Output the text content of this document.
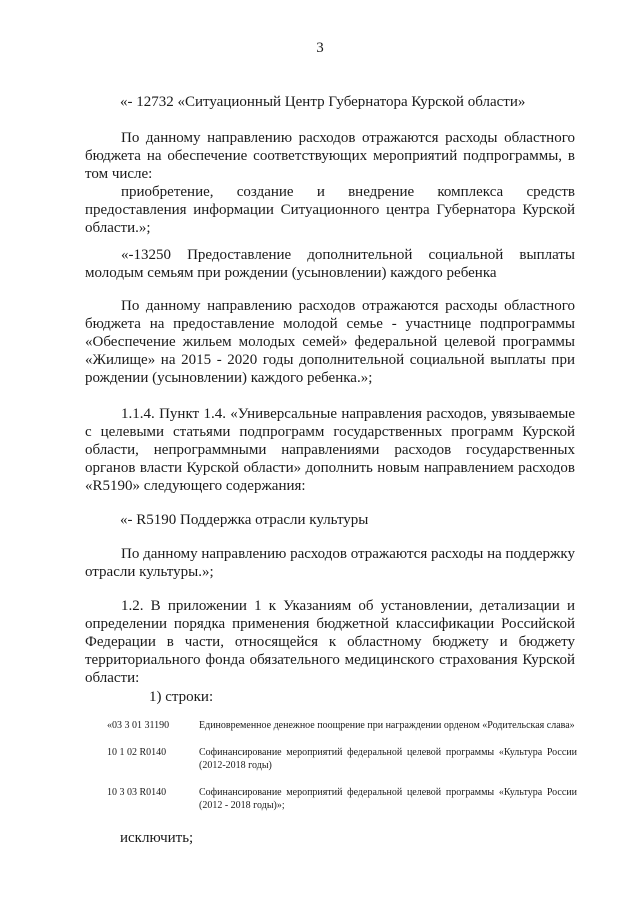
3
«- 12732 «Ситуационный Центр Губернатора Курской области»

По данному направлению расходов отражаются расходы областного бюджета на обеспечение соответствующих мероприятий подпрограммы, в том числе:

приобретение, создание и внедрение комплекса средств предоставления информации Ситуационного центра Губернатора Курской области.»;

«-13250 Предоставление дополнительной социальной выплаты молодым семьям при рождении (усыновлении) каждого ребенка

По данному направлению расходов отражаются расходы областного бюджета на предоставление молодой семье - участнице подпрограммы «Обеспечение жильем молодых семей» федеральной целевой программы «Жилище» на 2015 - 2020 годы дополнительной социальной выплаты при рождении (усыновлении) каждого ребенка.»;

1.1.4. Пункт 1.4. «Универсальные направления расходов, увязываемые с целевыми статьями подпрограмм государственных программ Курской области, непрограммными направлениями расходов государственных органов власти Курской области» дополнить новым направлением расходов «R5190» следующего содержания:

«- R5190 Поддержка отрасли культуры

По данному направлению расходов отражаются расходы на поддержку отрасли культуры.»;

1.2. В приложении 1 к Указаниям об установлении, детализации и определении порядка применения бюджетной классификации Российской Федерации в части, относящейся к областному бюджету и бюджету территориального фонда обязательного медицинского страхования Курской области:

1) строки:
«03 3 01 31190	Единовременное денежное поощрение при награждении орденом «Родительская слава»
10 1 02 R0140	Софинансирование мероприятий федеральной целевой программы «Культура России (2012-2018 годы)
10 3 03 R0140	Софинансирование мероприятий федеральной целевой программы «Культура России (2012 - 2018 годы)»;
исключить;
